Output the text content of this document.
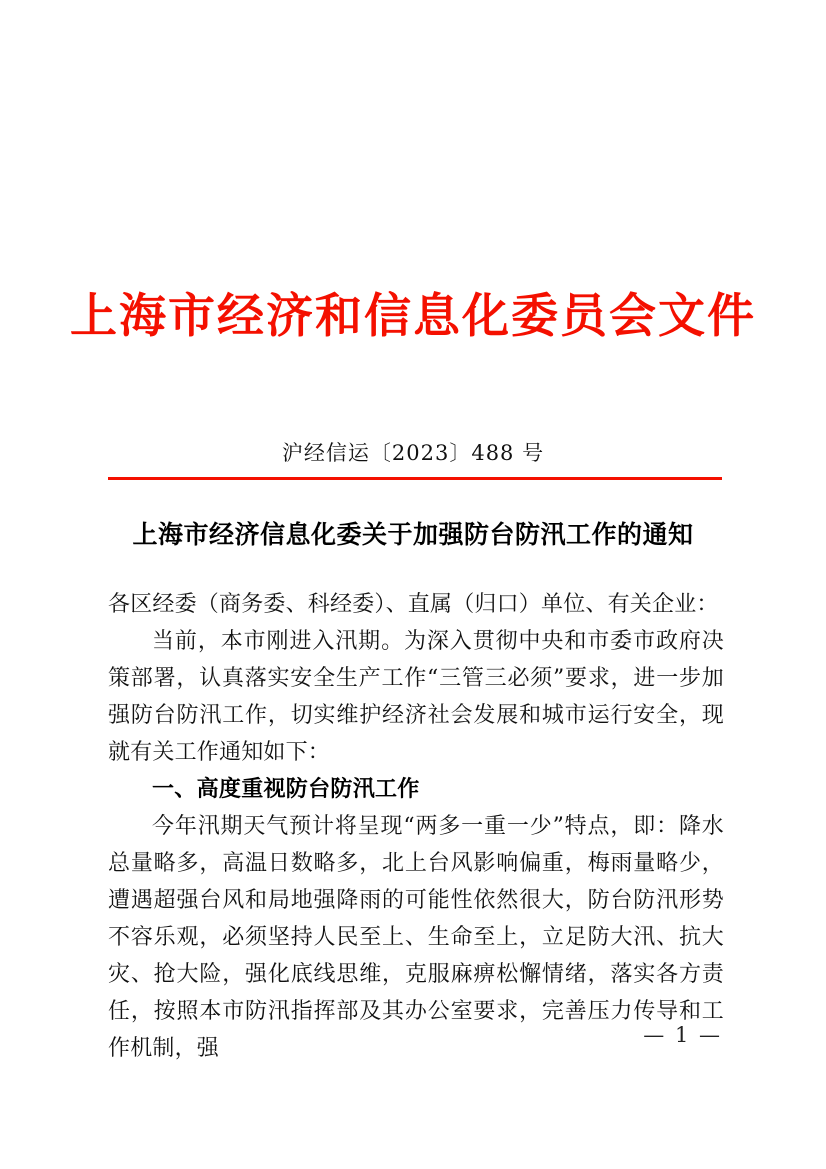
上海市经济和信息化委员会文件
沪经信运〔2023〕488 号
上海市经济信息化委关于加强防台防汛工作的通知

各区经委（商务委、科经委）、直属（归口）单位、有关企业：

当前，本市刚进入汛期。为深入贯彻中央和市委市政府决策部署，认真落实安全生产工作“三管三必须”要求，进一步加强防台防汛工作，切实维护经济社会发展和城市运行安全，现就有关工作通知如下：

一、高度重视防台防汛工作

今年汛期天气预计将呈现“两多一重一少”特点，即：降水总量略多，高温日数略多，北上台风影响偏重，梅雨量略少，遭遇超强台风和局地强降雨的可能性依然很大，防台防汛形势不容乐观，必须坚持人民至上、生命至上，立足防大汛、抗大灾、抢大险，强化底线思维，克服麻痹松懈情绪，落实各方责任，按照本市防汛指挥部及其办公室要求，完善压力传导和工作机制，强

— 1 —
